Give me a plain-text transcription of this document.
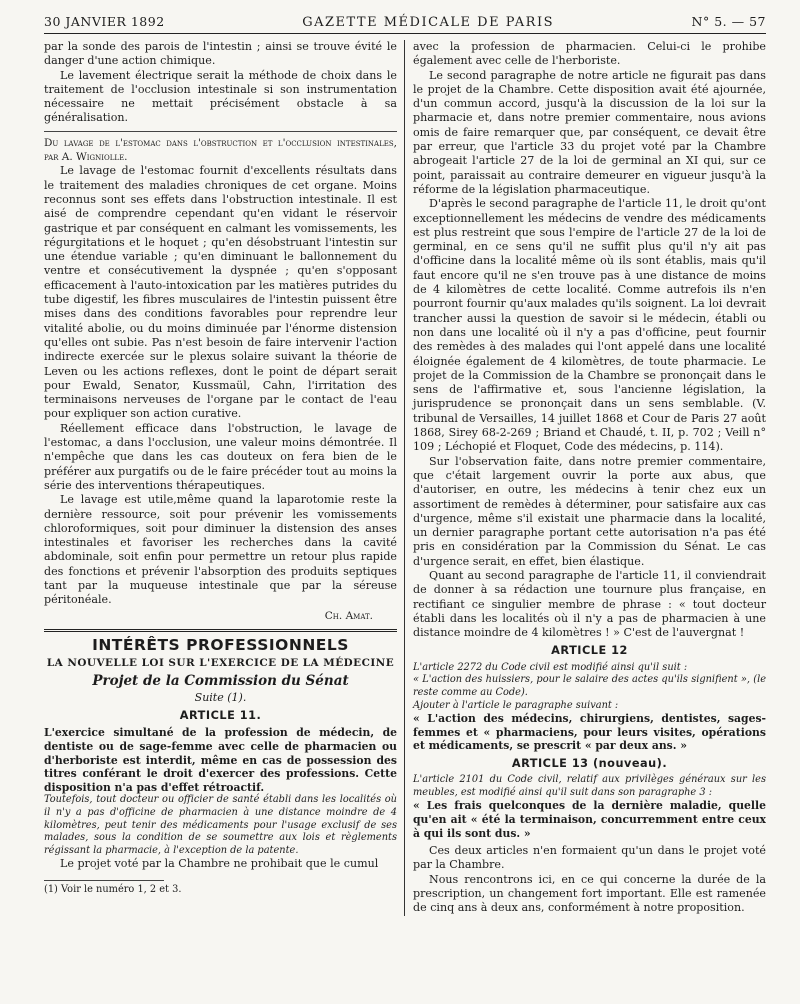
30 JANVIER 1892	GAZETTE MÉDICALE DE PARIS	N° 5. — 57

par la sonde des parois de l'intestin ; ainsi se trouve évité le danger d'une action chimique.

Le lavement électrique serait la méthode de choix dans le traitement de l'occlusion intestinale si son instrumentation nécessaire ne mettait précisément obstacle à sa généralisation.

Du lavage de l'estomac dans l'obstruction et l'occlusion intestinales, par A. Wigniolle.

Le lavage de l'estomac fournit d'excellents résultats dans le traitement des maladies chroniques de cet organe. Moins reconnus sont ses effets dans l'obstruction intestinale. Il est aisé de comprendre cependant qu'en vidant le réservoir gastrique et par conséquent en calmant les vomissements, les régurgitations et le hoquet ; qu'en désobstruant l'intestin sur une étendue variable ; qu'en diminuant le ballonnement du ventre et consécutivement la dyspnée ; qu'en s'opposant efficacement à l'auto-intoxication par les matières putrides du tube digestif, les fibres musculaires de l'intestin puissent être mises dans des conditions favorables pour reprendre leur vitalité abolie, ou du moins diminuée par l'énorme distension qu'elles ont subie. Pas n'est besoin de faire intervenir l'action indirecte exercée sur le plexus solaire suivant la théorie de Leven ou les actions reflexes, dont le point de départ serait pour Ewald, Senator, Kussmaül, Cahn, l'irritation des terminaisons nerveuses de l'organe par le contact de l'eau pour expliquer son action curative.

Réellement efficace dans l'obstruction, le lavage de l'estomac, a dans l'occlusion, une valeur moins démontrée. Il n'empêche que dans les cas douteux on fera bien de le préférer aux purgatifs ou de le faire précéder tout au moins la série des interventions thérapeutiques.

Le lavage est utile,même quand la laparotomie reste la dernière ressource, soit pour prévenir les vomissements chloroformiques, soit pour diminuer la distension des anses intestinales et favoriser les recherches dans la cavité abdominale, soit enfin pour permettre un retour plus rapide des fonctions et prévenir l'absorption des produits septiques tant par la muqueuse intestinale que par la séreuse péritonéale.

Ch. Amat.

INTÉRÊTS PROFESSIONNELS
LA NOUVELLE LOI SUR L'EXERCICE DE LA MÉDECINE
Projet de la Commission du Sénat
Suite (1).
ARTICLE 11.

L'exercice simultané de la profession de médecin, de dentiste ou de sage-femme avec celle de pharmacien ou d'herboriste est interdit, même en cas de possession des titres conférant le droit d'exercer des professions. Cette disposition n'a pas d'effet rétroactif.

Toutefois, tout docteur ou officier de santé établi dans les localités où il n'y a pas d'officine de pharmacien à une distance moindre de 4 kilomètres, peut tenir des médicaments pour l'usage exclusif de ses malades, sous la condition de se soumettre aux lois et règlements régissant la pharmacie, à l'exception de la patente.

Le projet voté par la Chambre ne prohibait que le cumul

(1) Voir le numéro 1, 2 et 3.

avec la profession de pharmacien. Celui-ci le prohibe également avec celle de l'herboriste.

Le second paragraphe de notre article ne figurait pas dans le projet de la Chambre. Cette disposition avait été ajournée, d'un commun accord, jusqu'à la discussion de la loi sur la pharmacie et, dans notre premier commentaire, nous avions omis de faire remarquer que, par conséquent, ce devait être par erreur, que l'article 33 du projet voté par la Chambre abrogeait l'article 27 de la loi de germinal an XI qui, sur ce point, paraissait au contraire demeurer en vigueur jusqu'à la réforme de la législation pharmaceutique.

D'après le second paragraphe de l'article 11, le droit qu'ont exceptionnellement les médecins de vendre des médicaments est plus restreint que sous l'empire de l'article 27 de la loi de germinal, en ce sens qu'il ne suffit plus qu'il n'y ait pas d'officine dans la localité même où ils sont établis, mais qu'il faut encore qu'il ne s'en trouve pas à une distance de moins de 4 kilomètres de cette localité. Comme autrefois ils n'en pourront fournir qu'aux malades qu'ils soignent. La loi devrait trancher aussi la question de savoir si le médecin, établi ou non dans une localité où il n'y a pas d'officine, peut fournir des remèdes à des malades qui l'ont appelé dans une localité éloignée également de 4 kilomètres, de toute pharmacie. Le projet de la Commission de la Chambre se prononçait dans le sens de l'affirmative et, sous l'ancienne législation, la jurisprudence se prononçait dans un sens semblable. (V. tribunal de Versailles, 14 juillet 1868 et Cour de Paris 27 août 1868, Sirey 68-2-269 ; Briand et Chaudé, t. II, p. 702 ; Veill n° 109 ; Léchopié et Floquet, Code des médecins, p. 114).

Sur l'observation faite, dans notre premier commentaire, que c'était largement ouvrir la porte aux abus, que d'autoriser, en outre, les médecins à tenir chez eux un assortiment de remèdes à déterminer, pour satisfaire aux cas d'urgence, même s'il existait une pharmacie dans la localité, un dernier paragraphe portant cette autorisation n'a pas été pris en considération par la Commission du Sénat. Le cas d'urgence serait, en effet, bien élastique.

Quant au second paragraphe de l'article 11, il conviendrait de donner à sa rédaction une tournure plus française, en rectifiant ce singulier membre de phrase : « tout docteur établi dans les localités où il n'y a pas de pharmacien à une distance moindre de 4 kilomètres ! » C'est de l'auvergnat !

ARTICLE 12

L'article 2272 du Code civil est modifié ainsi qu'il suit :

« L'action des huissiers, pour le salaire des actes qu'ils signifient », (le reste comme au Code).

Ajouter à l'article le paragraphe suivant :

« L'action des médecins, chirurgiens, dentistes, sages-femmes et « pharmaciens, pour leurs visites, opérations et médicaments, se prescrit « par deux ans. »

ARTICLE 13 (nouveau).

L'article 2101 du Code civil, relatif aux privilèges généraux sur les meubles, est modifié ainsi qu'il suit dans son paragraphe 3 :

« Les frais quelconques de la dernière maladie, quelle qu'en ait « été la terminaison, concurremment entre ceux à qui ils sont dus. »

Ces deux articles n'en formaient qu'un dans le projet voté par la Chambre.

Nous rencontrons ici, en ce qui concerne la durée de la prescription, un changement fort important. Elle est ramenée de cinq ans à deux ans, conformément à notre proposition.
